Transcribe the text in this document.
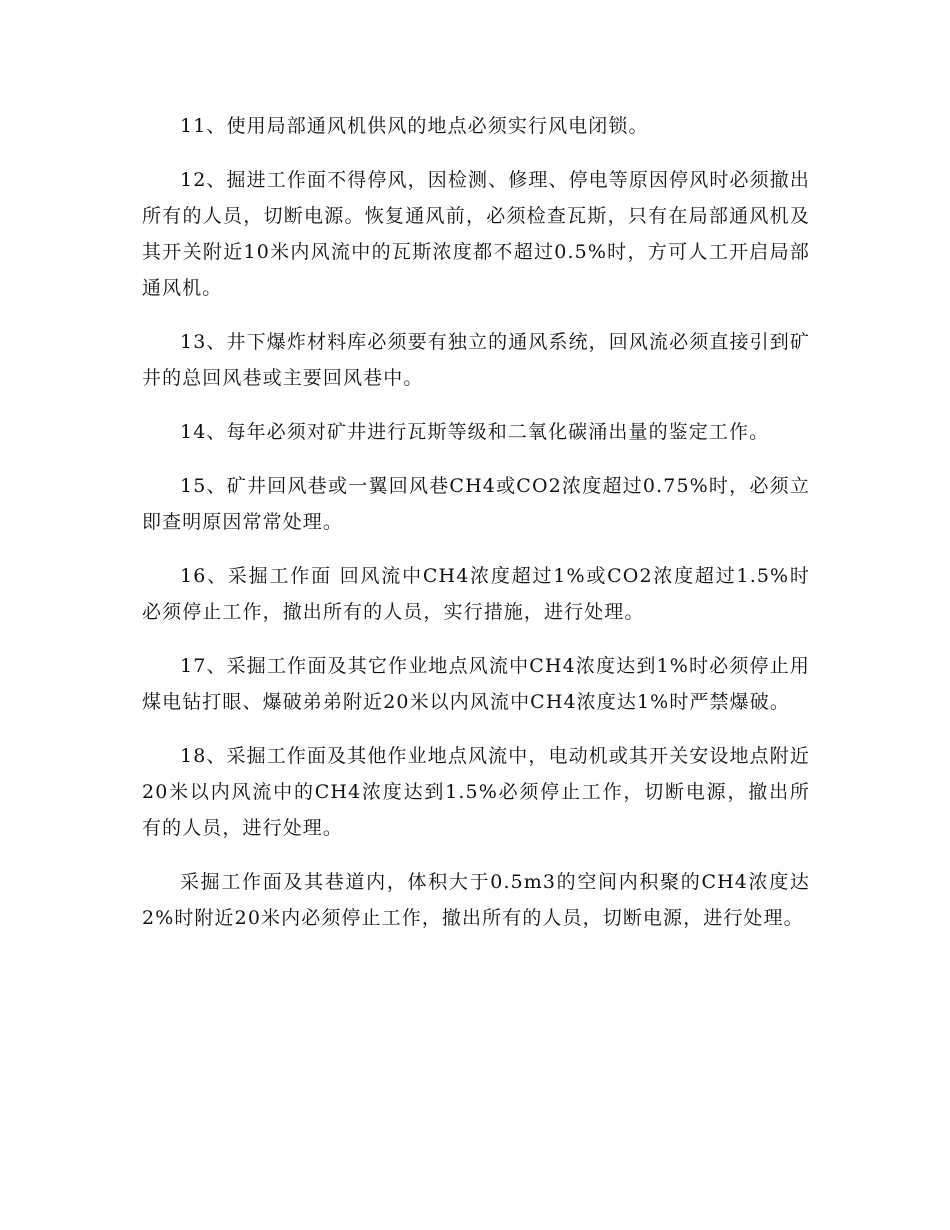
11、使用局部通风机供风的地点必须实行风电闭锁。

12、掘进工作面不得停风，因检测、修理、停电等原因停风时必须撤出所有的人员，切断电源。恢复通风前，必须检查瓦斯，只有在局部通风机及其开关附近10米内风流中的瓦斯浓度都不超过0.5%时，方可人工开启局部通风机。

13、井下爆炸材料库必须要有独立的通风系统，回风流必须直接引到矿井的总回风巷或主要回风巷中。

14、每年必须对矿井进行瓦斯等级和二氧化碳涌出量的鉴定工作。

15、矿井回风巷或一翼回风巷CH4或CO2浓度超过0.75%时，必须立即查明原因常常处理。

16、采掘工作面 回风流中CH4浓度超过1%或CO2浓度超过1.5%时必须停止工作，撤出所有的人员，实行措施，进行处理。

17、采掘工作面及其它作业地点风流中CH4浓度达到1%时必须停止用煤电钻打眼、爆破弟弟附近20米以内风流中CH4浓度达1%时严禁爆破。

18、采掘工作面及其他作业地点风流中，电动机或其开关安设地点附近20米以内风流中的CH4浓度达到1.5%必须停止工作，切断电源，撤出所有的人员，进行处理。

采掘工作面及其巷道内，体积大于0.5m3的空间内积聚的CH4浓度达2%时附近20米内必须停止工作，撤出所有的人员，切断电源，进行处理。
